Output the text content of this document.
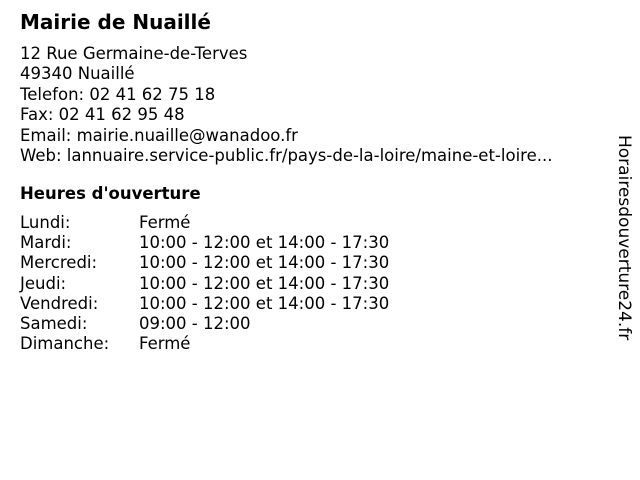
Mairie de Nuaillé
12 Rue Germaine-de-Terves
49340 Nuaillé
Telefon: 02 41 62 75 18
Fax: 02 41 62 95 48
Email: mairie.nuaille@wanadoo.fr
Web: lannuaire.service-public.fr/pays-de-la-loire/maine-et-loire...
Heures d'ouverture
Lundi:	Fermé
Mardi:	10:00 - 12:00 et 14:00 - 17:30
Mercredi:	10:00 - 12:00 et 14:00 - 17:30
Jeudi:	10:00 - 12:00 et 14:00 - 17:30
Vendredi:	10:00 - 12:00 et 14:00 - 17:30
Samedi:	09:00 - 12:00
Dimanche:	Fermé
Horairesdouverture24.fr
